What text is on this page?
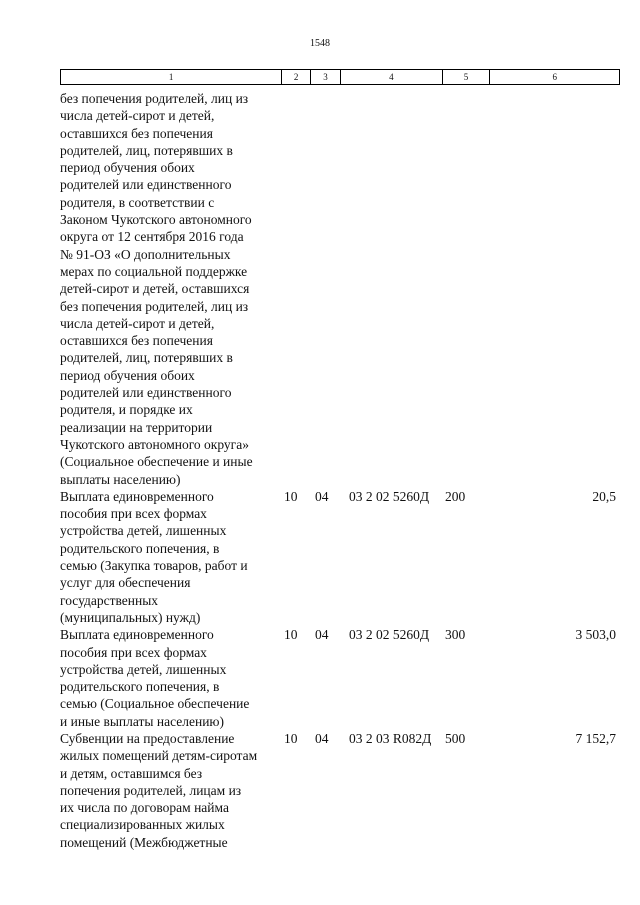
1548
1	2	3	4	5	6
без попечения родителей, лиц из
числа детей-сирот и детей,
оставшихся без попечения
родителей, лиц, потерявших в
период обучения обоих
родителей или единственного
родителя, в соответствии с
Законом Чукотского автономного
округа от 12 сентября 2016 года
№ 91-ОЗ «О дополнительных
мерах по социальной поддержке
детей-сирот и детей, оставшихся
без попечения родителей, лиц из
числа детей-сирот и детей,
оставшихся без попечения
родителей, лиц, потерявших в
период обучения обоих
родителей или единственного
родителя, и порядке их
реализации на территории
Чукотского автономного округа»
(Социальное обеспечение и иные
выплаты населению)
Выплата единовременного
пособия при всех формах
устройства детей, лишенных
родительского попечения, в
семью (Закупка товаров, работ и
услуг для обеспечения
государственных
(муниципальных) нужд)
10	04	03 2 02 5260Д	200	20,5
Выплата единовременного
пособия при всех формах
устройства детей, лишенных
родительского попечения, в
семью (Социальное обеспечение
и иные выплаты населению)
10	04	03 2 02 5260Д	300	3 503,0
Субвенции на предоставление
жилых помещений детям-сиротам
и детям, оставшимся без
попечения родителей, лицам из
их числа по договорам найма
специализированных жилых
помещений (Межбюджетные
10	04	03 2 03 R082Д	500	7 152,7
